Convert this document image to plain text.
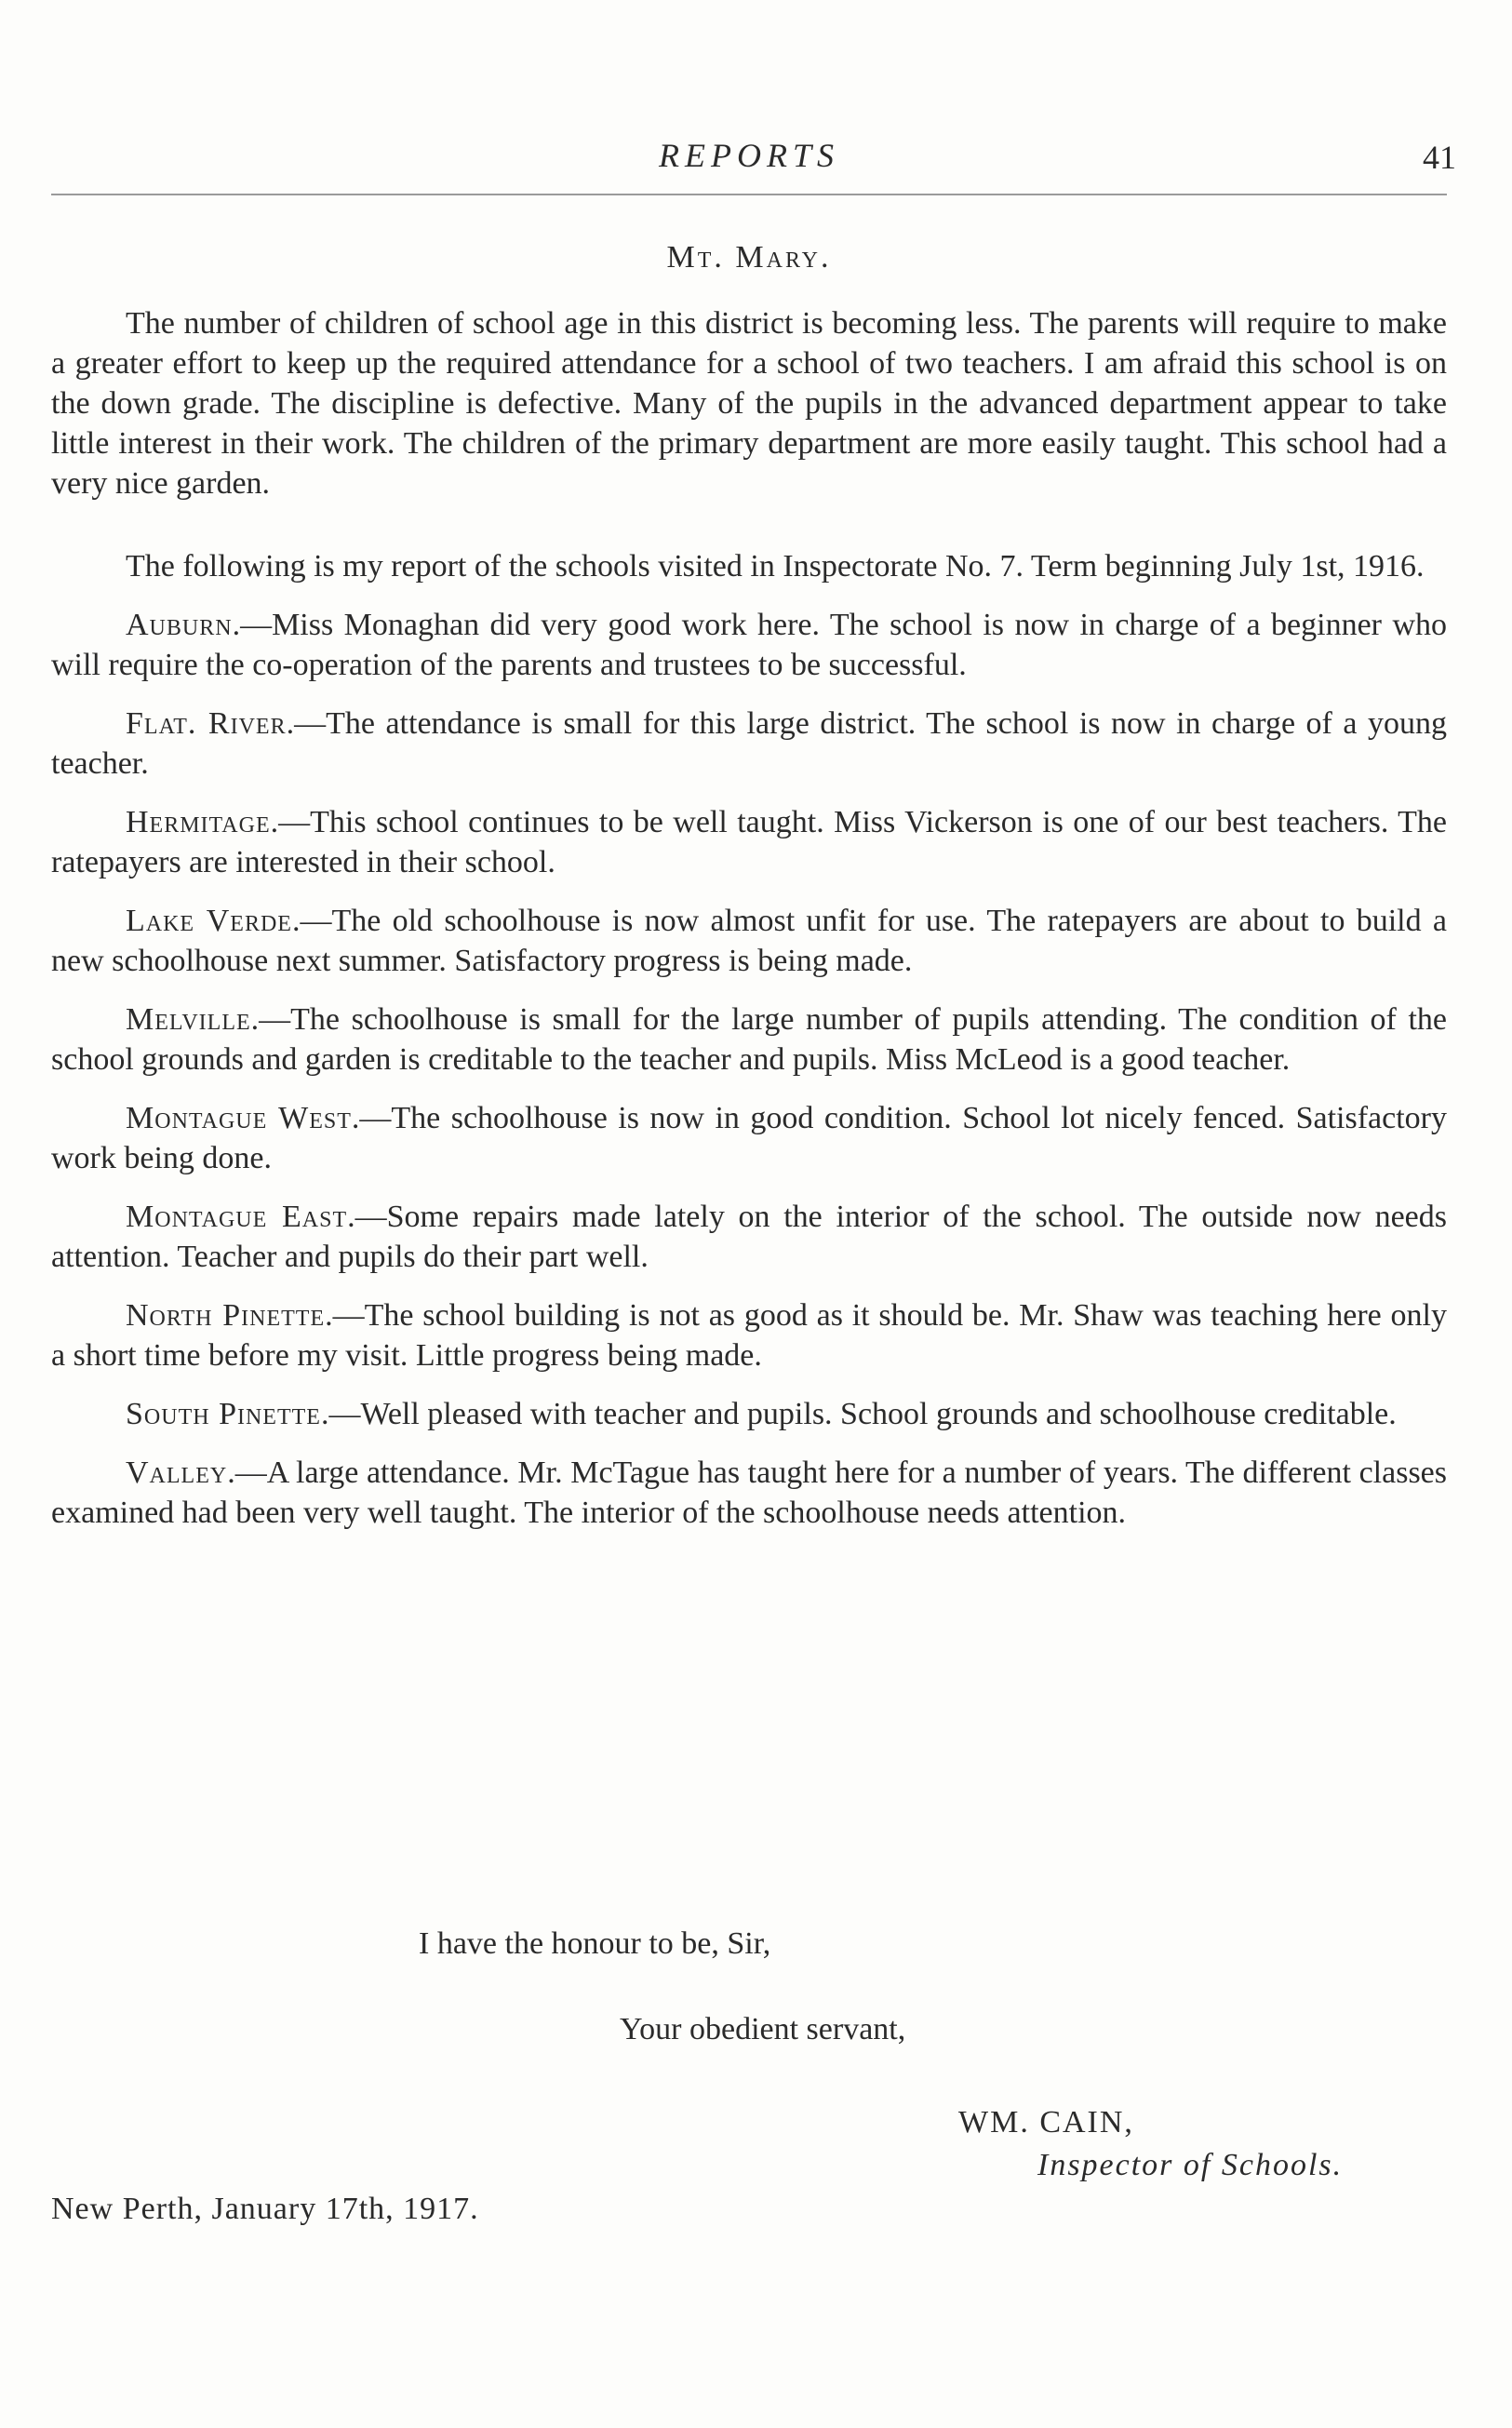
REPORTS	41
Mt. Mary.

The number of children of school age in this district is becoming less. The parents will require to make a greater effort to keep up the required attendance for a school of two teachers. I am afraid this school is on the down grade. The discipline is defective. Many of the pupils in the advanced department appear to take little interest in their work. The children of the primary department are more easily taught. This school had a very nice garden.

The following is my report of the schools visited in Inspectorate No. 7. Term beginning July 1st, 1916.

Auburn.—Miss Monaghan did very good work here. The school is now in charge of a beginner who will require the co-operation of the parents and trustees to be successful.

Flat. River.—The attendance is small for this large district. The school is now in charge of a young teacher.

Hermitage.—This school continues to be well taught. Miss Vickerson is one of our best teachers. The ratepayers are interested in their school.

Lake Verde.—The old schoolhouse is now almost unfit for use. The ratepayers are about to build a new schoolhouse next summer. Satisfactory progress is being made.

Melville.—The schoolhouse is small for the large number of pupils attending. The condition of the school grounds and garden is creditable to the teacher and pupils. Miss McLeod is a good teacher.

Montague West.—The schoolhouse is now in good condition. School lot nicely fenced. Satisfactory work being done.

Montague East.—Some repairs made lately on the interior of the school. The outside now needs attention. Teacher and pupils do their part well.

North Pinette.—The school building is not as good as it should be. Mr. Shaw was teaching here only a short time before my visit. Little progress being made.

South Pinette.—Well pleased with teacher and pupils. School grounds and schoolhouse creditable.

Valley.—A large attendance. Mr. McTague has taught here for a number of years. The different classes examined had been very well taught. The interior of the schoolhouse needs attention.

I have the honour to be, Sir,
Your obedient servant,
WM. CAIN,
Inspector of Schools.
New Perth, January 17th, 1917.
